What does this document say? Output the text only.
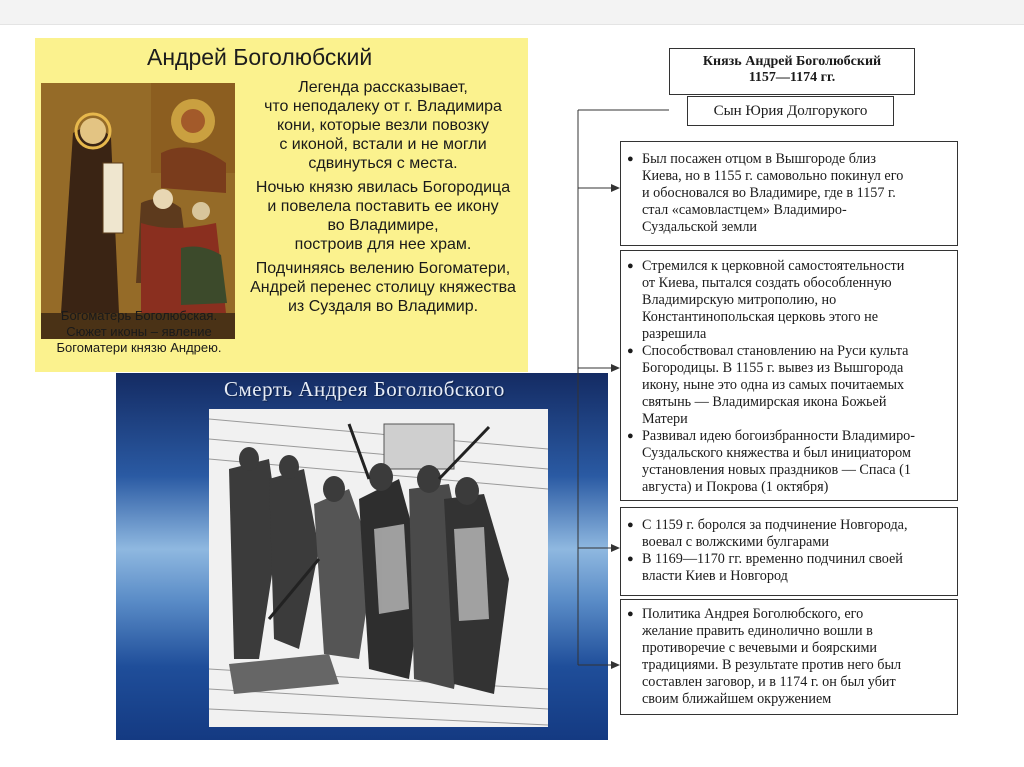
Андрей Боголюбский
Богоматерь Боголюбская.
Сюжет иконы – явление
Богоматери князю Андрею.

Легенда рассказывает,
что неподалеку от г. Владимира
кони, которые везли повозку
с иконой, встали и не могли
сдвинуться с места.

Ночью князю явилась Богородица
и повелела поставить ее икону
во Владимире,
построив для нее храм.

Подчиняясь велению Богоматери,
Андрей перенес столицу княжества
из Суздаля во Владимир.

Смерть Андрея Боголюбского
Князь Андрей Боголюбский
1157—1174 гг.
Сын Юрия Долгорукого
● Был посажен отцом в Вышгороде близ
Киева, но в 1155 г. самовольно покинул его
и обосновался во Владимире, где в 1157 г.
стал «самовластцем» Владимиро-
Суздальской земли
● Стремился к церковной самостоятельности
от Киева, пытался создать обособленную
Владимирскую митрополию, но
Константинопольская церковь этого не
разрешила
● Способствовал становлению на Руси культа
Богородицы. В 1155 г. вывез из Вышгорода
икону, ныне это одна из самых почитаемых
святынь — Владимирская икона Божьей
Матери
● Развивал идею богоизбранности Владимиро-
Суздальского княжества и был инициатором
установления новых праздников — Спаса (1
августа) и Покрова (1 октября)
● С 1159 г. боролся за подчинение Новгорода,
воевал с волжскими булгарами
● В 1169—1170 гг. временно подчинил своей
власти Киев и Новгород
● Политика Андрея Боголюбского, его
желание править единолично вошли в
противоречие с вечевыми и боярскими
традициями. В результате против него был
составлен заговор, и в 1174 г. он был убит
своим ближайшем окружением
